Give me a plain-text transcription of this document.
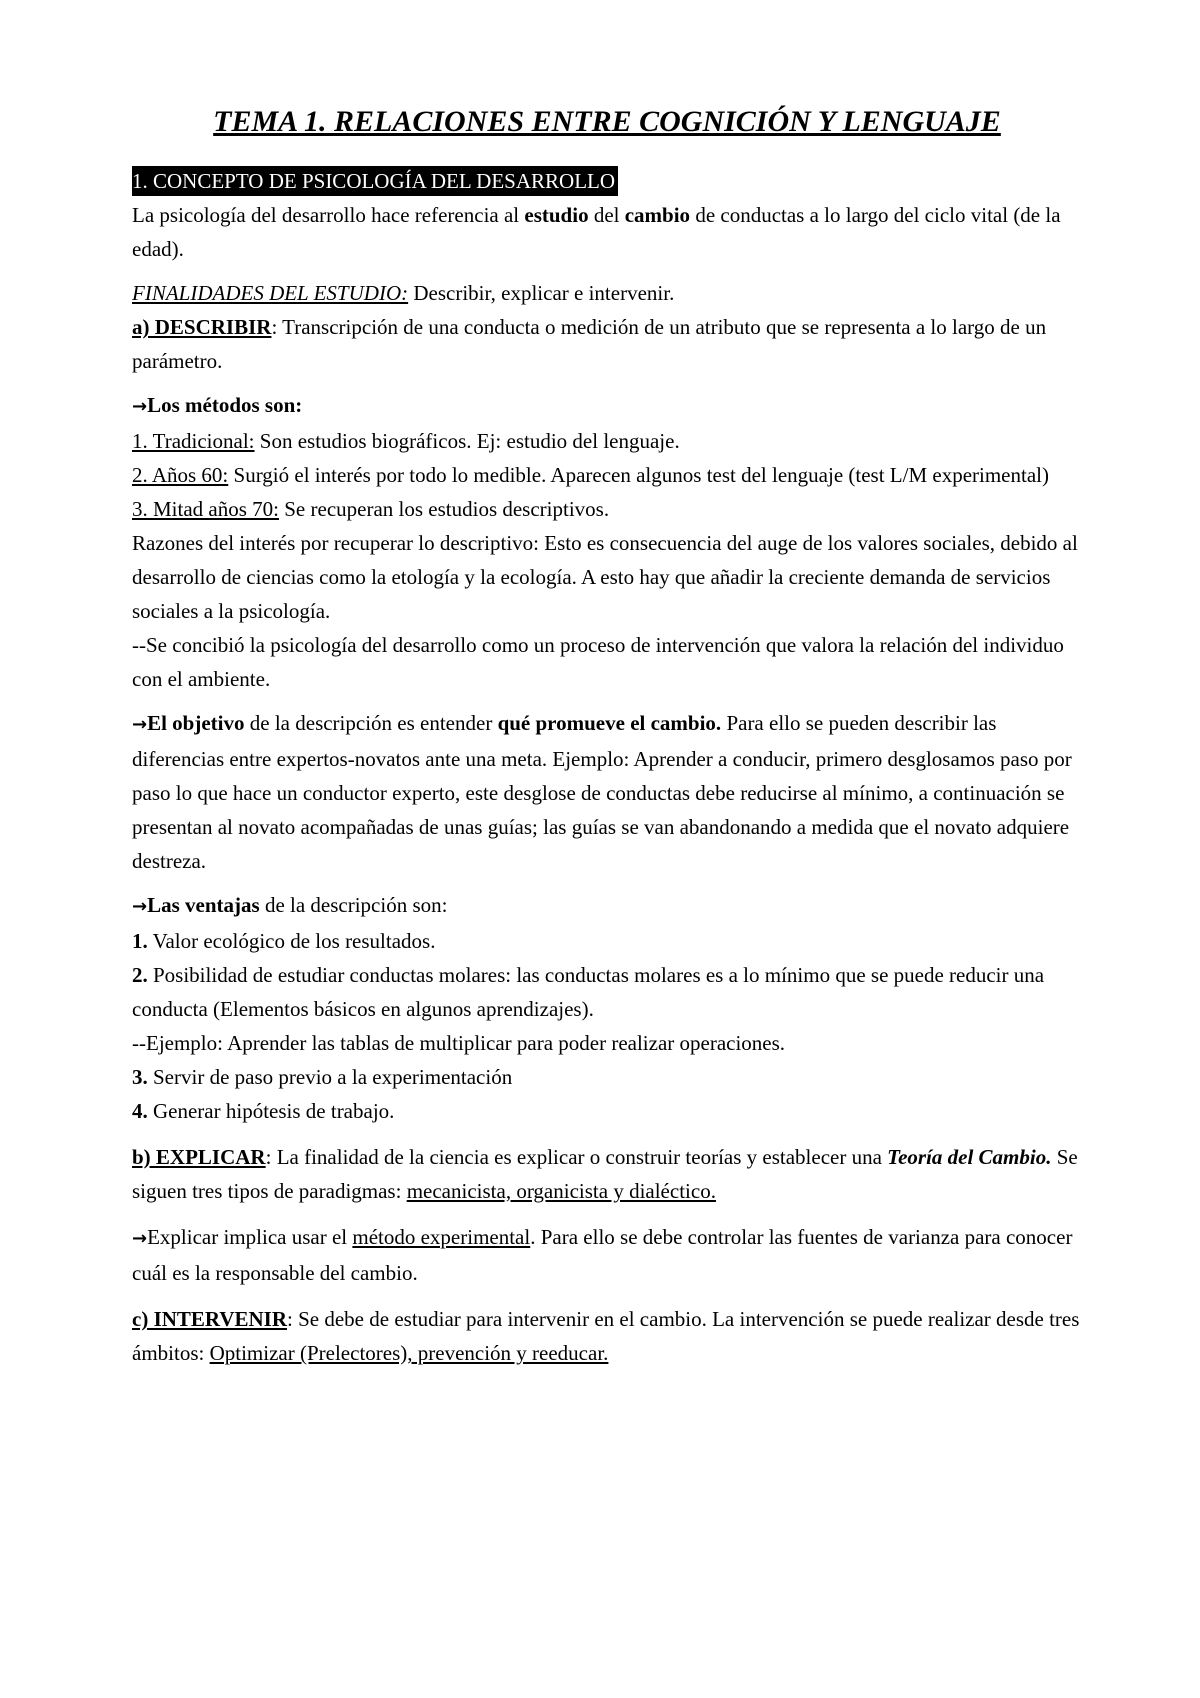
TEMA 1. RELACIONES ENTRE COGNICIÓN Y LENGUAJE
1. CONCEPTO DE PSICOLOGÍA DEL DESARROLLO

La psicología del desarrollo hace referencia al estudio del cambio de conductas a lo largo del ciclo vital (de la edad).

FINALIDADES DEL ESTUDIO: Describir, explicar e intervenir.

a) DESCRIBIR: Transcripción de una conducta o medición de un atributo que se representa a lo largo de un parámetro.

→Los métodos son:

1. Tradicional: Son estudios biográficos. Ej: estudio del lenguaje.

2. Años 60: Surgió el interés por todo lo medible. Aparecen algunos test del lenguaje (test L/M experimental)

3. Mitad años 70: Se recuperan los estudios descriptivos.

Razones del interés por recuperar lo descriptivo: Esto es consecuencia del auge de los valores sociales, debido al desarrollo de ciencias como la etología y la ecología. A esto hay que añadir la creciente demanda de servicios sociales a la psicología.

--Se concibió la psicología del desarrollo como un proceso de intervención que valora la relación del individuo con el ambiente.

→El objetivo de la descripción es entender qué promueve el cambio. Para ello se pueden describir las diferencias entre expertos-novatos ante una meta. Ejemplo: Aprender a conducir, primero desglosamos paso por paso lo que hace un conductor experto, este desglose de conductas debe reducirse al mínimo, a continuación se presentan al novato acompañadas de unas guías; las guías se van abandonando a medida que el novato adquiere destreza.

→Las ventajas de la descripción son:

1. Valor ecológico de los resultados.

2. Posibilidad de estudiar conductas molares: las conductas molares es a lo mínimo que se puede reducir una conducta (Elementos básicos en algunos aprendizajes).

--Ejemplo: Aprender las tablas de multiplicar para poder realizar operaciones.

3. Servir de paso previo a la experimentación

4. Generar hipótesis de trabajo.

b) EXPLICAR: La finalidad de la ciencia es explicar o construir teorías y establecer una Teoría del Cambio. Se siguen tres tipos de paradigmas: mecanicista, organicista y dialéctico.

→Explicar implica usar el método experimental. Para ello se debe controlar las fuentes de varianza para conocer cuál es la responsable del cambio.

c) INTERVENIR: Se debe de estudiar para intervenir en el cambio. La intervención se puede realizar desde tres ámbitos: Optimizar (Prelectores), prevención y reeducar.
